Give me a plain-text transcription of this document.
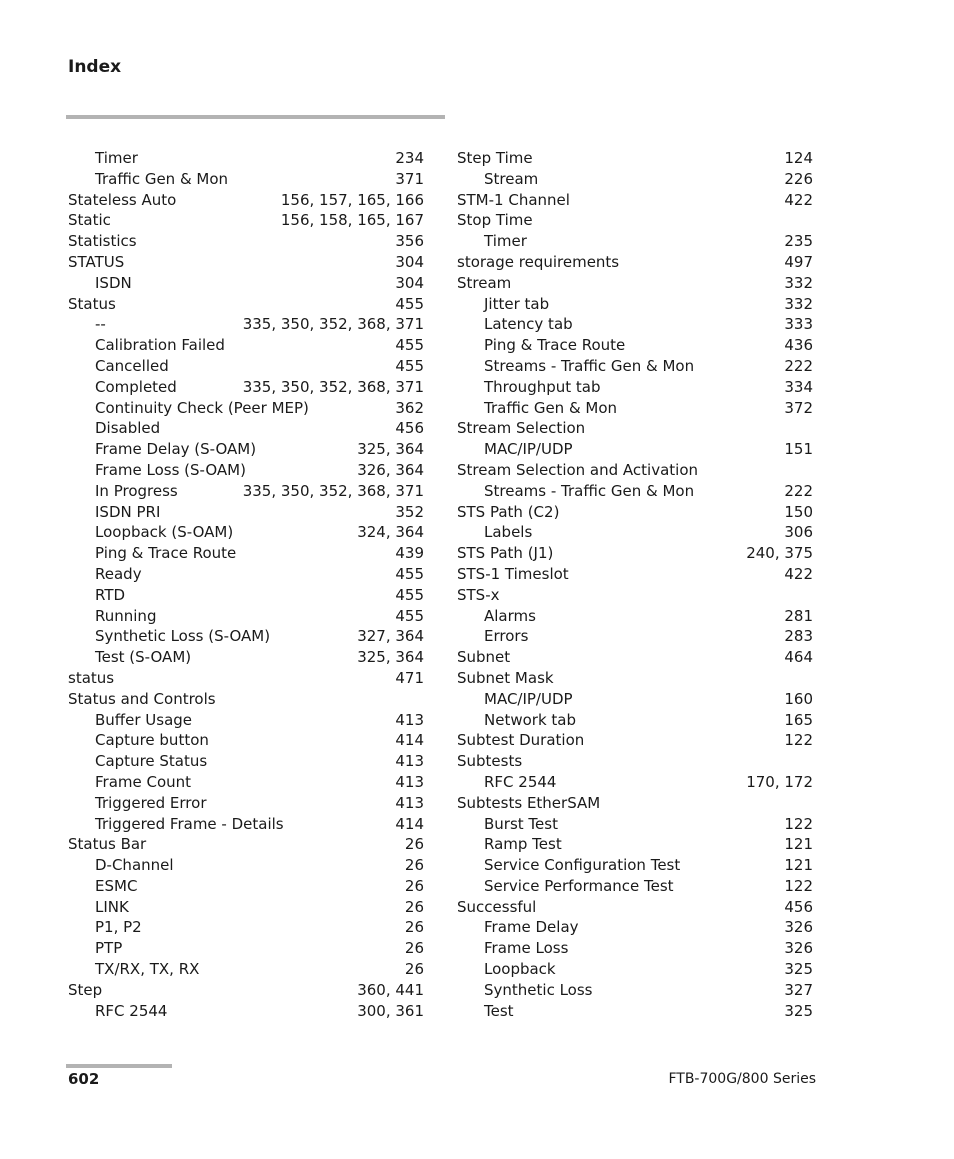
Index
Timer	234
Traffic Gen & Mon	371
Stateless Auto	156, 157, 165, 166
Static	156, 158, 165, 167
Statistics	356
STATUS	304
ISDN	304
Status	455
--	335, 350, 352, 368, 371
Calibration Failed	455
Cancelled	455
Completed	335, 350, 352, 368, 371
Continuity Check (Peer MEP)	362
Disabled	456
Frame Delay (S-OAM)	325, 364
Frame Loss (S-OAM)	326, 364
In Progress	335, 350, 352, 368, 371
ISDN PRI	352
Loopback (S-OAM)	324, 364
Ping & Trace Route	439
Ready	455
RTD	455
Running	455
Synthetic Loss (S-OAM)	327, 364
Test (S-OAM)	325, 364
status	471
Status and Controls
Buffer Usage	413
Capture button	414
Capture Status	413
Frame Count	413
Triggered Error	413
Triggered Frame - Details	414
Status Bar	26
D-Channel	26
ESMC	26
LINK	26
P1, P2	26
PTP	26
TX/RX, TX, RX	26
Step	360, 441
RFC 2544	300, 361
Step Time	124
Stream	226
STM-1 Channel	422
Stop Time
Timer	235
storage requirements	497
Stream	332
Jitter tab	332
Latency tab	333
Ping & Trace Route	436
Streams - Traffic Gen & Mon	222
Throughput tab	334
Traffic Gen & Mon	372
Stream Selection
MAC/IP/UDP	151
Stream Selection and Activation
Streams - Traffic Gen & Mon	222
STS Path (C2)	150
Labels	306
STS Path (J1)	240, 375
STS-1 Timeslot	422
STS-x
Alarms	281
Errors	283
Subnet	464
Subnet Mask
MAC/IP/UDP	160
Network tab	165
Subtest Duration	122
Subtests
RFC 2544	170, 172
Subtests EtherSAM
Burst Test	122
Ramp Test	121
Service Configuration Test	121
Service Performance Test	122
Successful	456
Frame Delay	326
Frame Loss	326
Loopback	325
Synthetic Loss	327
Test	325
602	FTB-700G/800 Series
